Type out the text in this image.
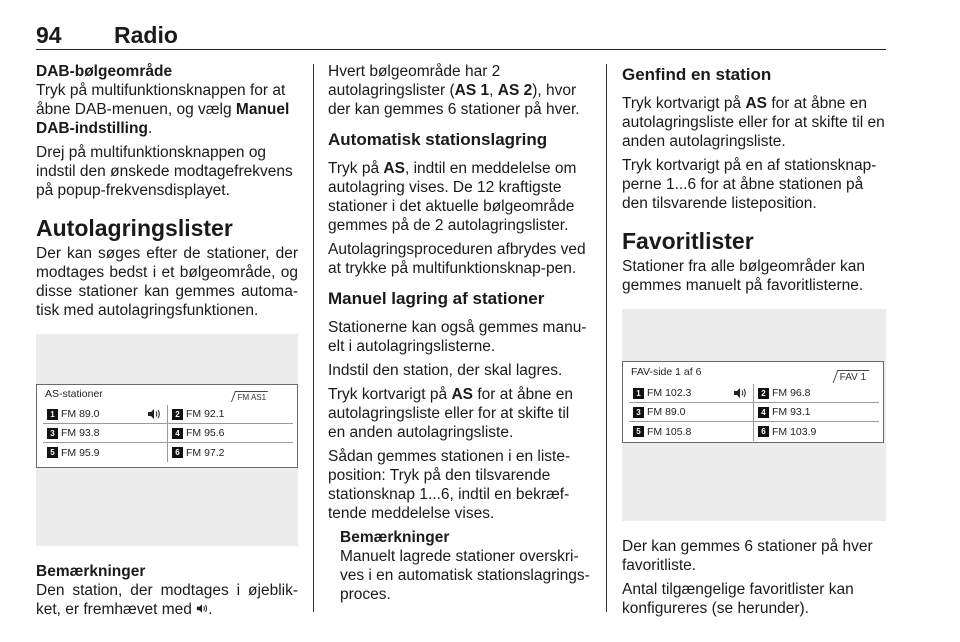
94 Radio
DAB-bølgeområde

Tryk på multifunktionsknappen for at åbne DAB-menuen, og vælg Manuel DAB-indstilling.

Drej på multifunktionsknappen og indstil den ønskede modtagefrekvens på popup-frekvensdisplayet.

Autolagringslister

Der kan søges efter de stationer, der modtages bedst i et bølgeområde, og disse stationer kan gemmes automa-tisk med autolagringsfunktionen.

AS-stationer	FM AS1
1 FM 89.0	2 FM 92.1
3 FM 93.8	4 FM 95.6
5 FM 95.9	6 FM 97.2
Bemærkninger

Den station, der modtages i øjeblik-ket, er fremhævet med .

Hvert bølgeområde har 2 autolagringslister (AS 1, AS 2), hvor der kan gemmes 6 stationer på hver.

Automatisk stationslagring

Tryk på AS, indtil en meddelelse om autolagring vises. De 12 kraftigste stationer i det aktuelle bølgeområde gemmes på de 2 autolagringslister.

Autolagringsproceduren afbrydes ved at trykke på multifunktionsknap-pen.

Manuel lagring af stationer

Stationerne kan også gemmes manu-elt i autolagringslisterne.

Indstil den station, der skal lagres.

Tryk kortvarigt på AS for at åbne en autolagringsliste eller for at skifte til en anden autolagringsliste.

Sådan gemmes stationen i en liste-position: Tryk på den tilsvarende stationsknap 1...6, indtil en bekræf-tende meddelelse vises.

Bemærkninger

Manuelt lagrede stationer overskri-ves i en automatisk stationslagrings-proces.

Genfind en station

Tryk kortvarigt på AS for at åbne en autolagringsliste eller for at skifte til en anden autolagringsliste.

Tryk kortvarigt på en af stationsknap-perne 1...6 for at åbne stationen på den tilsvarende listeposition.

Favoritlister

Stationer fra alle bølgeområder kan gemmes manuelt på favoritlisterne.

FAV-side 1 af 6	FAV 1
1 FM 102.3	2 FM 96.8
3 FM 89.0	4 FM 93.1
5 FM 105.8	6 FM 103.9

Der kan gemmes 6 stationer på hver favoritliste.

Antal tilgængelige favoritlister kan konfigureres (se herunder).
